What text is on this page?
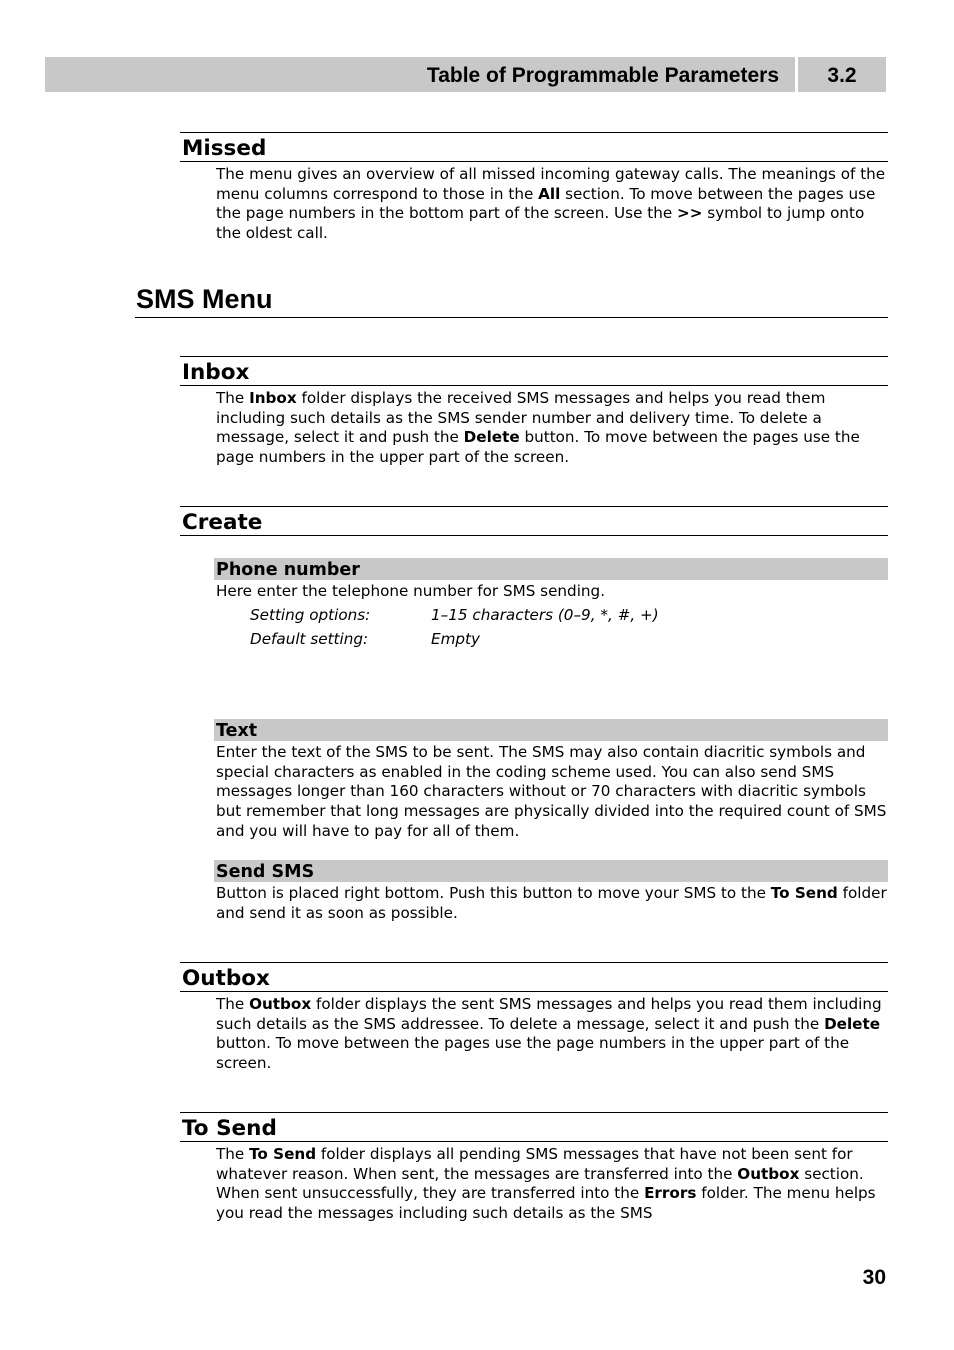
Table of Programmable Parameters	3.2
Missed
The menu gives an overview of all missed incoming gateway calls. The meanings of the menu columns correspond to those in the All section. To move between the pages use the page numbers in the bottom part of the screen. Use the >> symbol to jump onto the oldest call.
SMS Menu
Inbox
The Inbox folder displays the received SMS messages and helps you read them including such details as the SMS sender number and delivery time. To delete a message, select it and push the Delete button. To move between the pages use the page numbers in the upper part of the screen.
Create
Phone number
Here enter the telephone number for SMS sending.
Setting options:	1–15 characters (0–9, *, #, +)
Default setting:	Empty
Text
Enter the text of the SMS to be sent. The SMS may also contain diacritic symbols and special characters as enabled in the coding scheme used. You can also send SMS messages longer than 160 characters without or 70 characters with diacritic symbols but remember that long messages are physically divided into the required count of SMS and you will have to pay for all of them.
Send SMS
Button is placed right bottom. Push this button to move your SMS to the To Send folder and send it as soon as possible.
Outbox
The Outbox folder displays the sent SMS messages and helps you read them including such details as the SMS addressee. To delete a message, select it and push the Delete button. To move between the pages use the page numbers in the upper part of the screen.
To Send
The To Send folder displays all pending SMS messages that have not been sent for whatever reason. When sent, the messages are transferred into the Outbox section. When sent unsuccessfully, they are transferred into the Errors folder. The menu helps you read the messages including such details as the SMS
30
